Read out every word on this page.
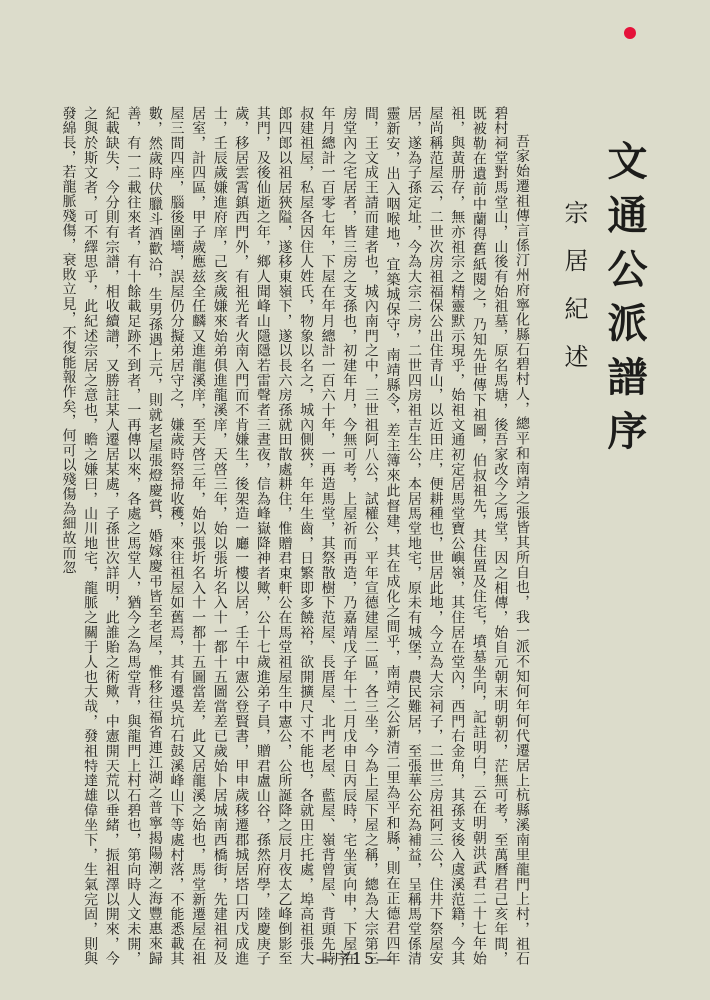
文通公派譜序
宗居紀述

吾家始遷祖傳言係汀州府寧化縣石碧村人，總平和南靖之張皆其所自也，我一派不知何年何代遷居上杭縣溪南里龍門上村，祖石碧村祠堂對馬堂山，山後有始祖墓，原名馬塘，後吾家改今之馬堂，因之相傳，始自元朝末明朝初，茫無可考，至萬曆君己亥年間，既被勒在遺前中蘭得舊紙閱之，乃知先世傳下祖圖，伯叔祖先，其住置及住宅，墳墓坐向，記註明白，云在明朝洪武君二十七年始祖，與黃册存，無亦祖宗之精靈默示現乎，始祖文通初定居馬堂寶公嶼嶺，其住居在堂內，西門右金角，其孫支後入虞溪范籍，今其屋尚稱范屋云，二世次房祖福保公出住青山，以近田庄，便耕種也，世居此地，今立為大宗祠子，二世三房祖阿三公，住井下祭屋安居，遂為子孫定址，今為大宗二房，二世四房祖吉生公，本居馬堂地宅，原未有城堡，農民難居，至張華公充為補益，呈稱馬堂係清靈新安，出入咽喉地，宜築城保守，南靖縣令，差主簿來此督建，其在成化之間乎，南靖之公新清二里為平和縣，則在正德君四年間，王文成王請而建者也，城內南門之中，三世祖阿八公，試權公，平年宣德建屋二區，各三坐，今為上屋下屋之稱，總為大宗第三房堂內之宅居者，皆三房之支孫也，初建年月，今無可考，上屋祈而再造，乃嘉靖戊子年十二月戊申日丙辰時，宅坐寅向申，下屋在年月總計一百零七年，下屋在年月總計一百六十年，一再造馬堂，其祭散樹下范屋、長厝屋、北門老屋、藍屋、嶺背曾屋、背頭先時叔建祖屋，私屋各因住人姓氏，物象以名之，城內側狹，年年生齒，日繁即多饒裕，欲開擴尺寸不能也，各就田庄托處，埠高祖張大郎四郎以祖居狹隘，遂移東嶺下，遂以長六房孫就田散處耕住，惟贈君東軒公在馬堂祖屋生中憲公，公所誕降之辰月夜太乙峰倒影至其門，及後仙逝之年，鄉人聞峰山隱隱若雷聲者三晝夜，信為峰嶽降神者歟，公十七歲進弟子員，贈君盧山谷，孫然府學，陸慶庚子歲，移居雲霄鎮西門外，有祖光者火南入門而不肯嫌生，後架造一廳一樓以居，壬午中憲公登賢書，甲申歲移遷郡城居塔口丙戊成進士，壬辰歲嫌進府庠，己亥歲嫌來始弟俱進龍溪庠，天啓三年，始以張圻名入十一都十五圖當差已歲始卜居城南西橋街，先建祖祠及居室，計四區，甲子歲應兹全任麟又進龍溪庠，至天啓三年，始以張圻名入十一都十五圖當差，此又居龍溪之始也，馬堂新遷屋在祖屋三間四座，腦後圍墻，誤屋仍分擬弟居守之，嫌歲時祭掃收穫，來往祖屋如舊焉，其有遷吳坑石鼓溪峰山下等處村落，不能悉載其數，然歲時伏臘斗酒歡洽，生男孫遇上元，則就老屋張燈慶賞，婚嫁慶弔皆至老屋，惟移往福省連江湖之普寧揭陽潮之海豐惠來歸善，有一二載往來者，有十餘載足跡不到者，一再傳以來，各處之馬堂人，猶今之為馬堂背，與龍門上村石碧也，第向時人文未開，紀載缺失，今分則有宗譜，相收續譜，又勝註某人遷居某處，子孫世次詳明，此誰貽之術歟，中憲開天荒以垂緒，振祖澤以開來，今之與於斯文者，可不繹思乎，此紀述宗居之意也，瞻之嫌曰，山川地宅，龍脈之關于人也大哉，發祖特達雄偉坐下，生氣完固，則與發綿長，若龍脈殘傷，衰敗立見，不復能報作矣，何可以殘傷為細故而忽

—序15—
